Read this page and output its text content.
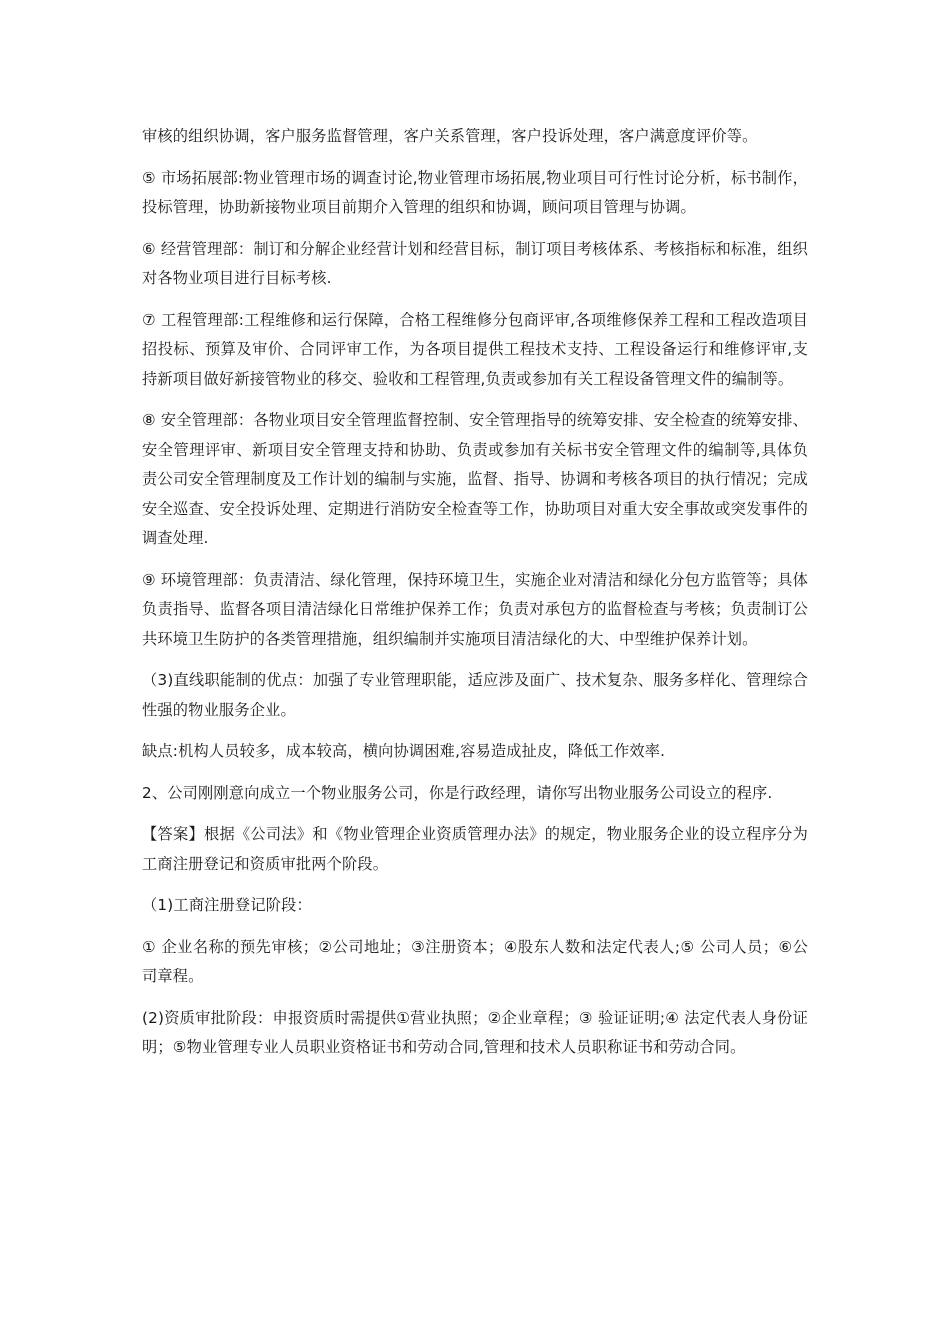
审核的组织协调，客户服务监督管理，客户关系管理，客户投诉处理，客户满意度评价等。

⑤ 市场拓展部:物业管理市场的调查讨论,物业管理市场拓展,物业项目可行性讨论分析，标书制作，投标管理，协助新接物业项目前期介入管理的组织和协调，顾问项目管理与协调。

⑥ 经营管理部：制订和分解企业经营计划和经营目标，制订项目考核体系、考核指标和标准，组织对各物业项目进行目标考核.

⑦ 工程管理部:工程维修和运行保障，合格工程维修分包商评审,各项维修保养工程和工程改造项目招投标、预算及审价、合同评审工作，为各项目提供工程技术支持、工程设备运行和维修评审,支持新项目做好新接管物业的移交、验收和工程管理,负责或参加有关工程设备管理文件的编制等。

⑧ 安全管理部：各物业项目安全管理监督控制、安全管理指导的统筹安排、安全检查的统筹安排、安全管理评审、新项目安全管理支持和协助、负责或参加有关标书安全管理文件的编制等,具体负责公司安全管理制度及工作计划的编制与实施，监督、指导、协调和考核各项目的执行情况；完成安全巡查、安全投诉处理、定期进行消防安全检查等工作，协助项目对重大安全事故或突发事件的调查处理.

⑨ 环境管理部：负责清洁、绿化管理，保持环境卫生，实施企业对清洁和绿化分包方监管等；具体负责指导、监督各项目清洁绿化日常维护保养工作；负责对承包方的监督检查与考核；负责制订公共环境卫生防护的各类管理措施，组织编制并实施项目清洁绿化的大、中型维护保养计划。

（3)直线职能制的优点：加强了专业管理职能，适应涉及面广、技术复杂、服务多样化、管理综合性强的物业服务企业。

缺点:机构人员较多，成本较高，横向协调困难,容易造成扯皮，降低工作效率.

2、公司刚刚意向成立一个物业服务公司，你是行政经理，请你写出物业服务公司设立的程序.

【答案】根据《公司法》和《物业管理企业资质管理办法》的规定，物业服务企业的设立程序分为工商注册登记和资质审批两个阶段。

（1)工商注册登记阶段：

① 企业名称的预先审核；②公司地址；③注册资本；④股东人数和法定代表人;⑤ 公司人员；⑥公司章程。

(2)资质审批阶段：申报资质时需提供①营业执照；②企业章程；③ 验证证明;④ 法定代表人身份证明；⑤物业管理专业人员职业资格证书和劳动合同,管理和技术人员职称证书和劳动合同。
